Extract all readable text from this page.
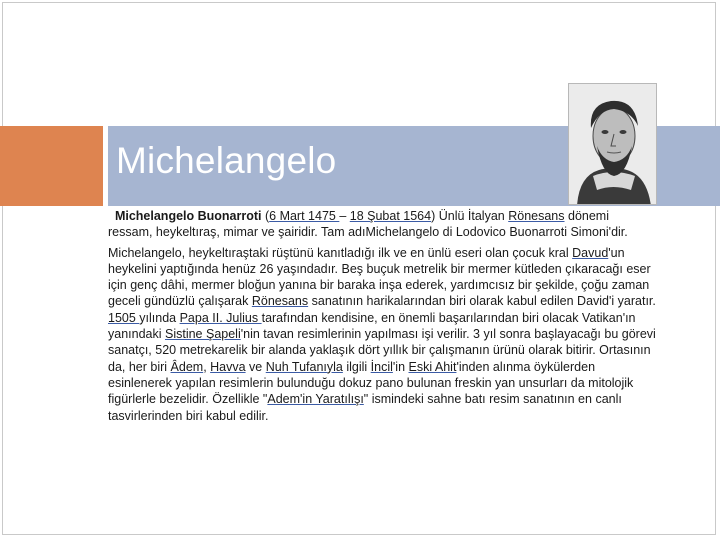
Michelangelo

Michelangelo Buonarroti (6 Mart 1475 – 18 Şubat 1564) Ünlü İtalyan Rönesans dönemi ressam, heykeltıraş, mimar ve şairidir. Tam adıMichelangelo di Lodovico Buonarroti Simoni'dir.

Michelangelo, heykeltıraştaki rüştünü kanıtladığı ilk ve en ünlü eseri olan çocuk kral Davud'un heykelini yaptığında henüz 26 yaşındadır. Beş buçuk metrelik bir mermer kütleden çıkaracağı eser için genç dâhi, mermer bloğun yanına bir baraka inşa ederek, yardımcısız bir şekilde, çoğu zaman geceli gündüzlü çalışarak Rönesans sanatının harikalarından biri olarak kabul edilen David'i yaratır.

1505 yılında Papa II. Julius tarafından kendisine, en önemli başarılarından biri olacak Vatikan'ın yanındaki Sistine Şapeli'nin tavan resimlerinin yapılması işi verilir. 3 yıl sonra başlayacağı bu görevi sanatçı, 520 metrekarelik bir alanda yaklaşık dört yıllık bir çalışmanın ürünü olarak bitirir. Ortasının da, her biri Âdem, Havva ve Nuh Tufanıyla ilgili İncil'in Eski Ahit'inden alınma öykülerden esinlenerek yapılan resimlerin bulunduğu dokuz pano bulunan freskin yan unsurları da mitolojik figürlerle bezelidir. Özellikle "Adem'in Yaratılışı" ismindeki sahne batı resim sanatının en canlı tasvirlerinden biri kabul edilir.
